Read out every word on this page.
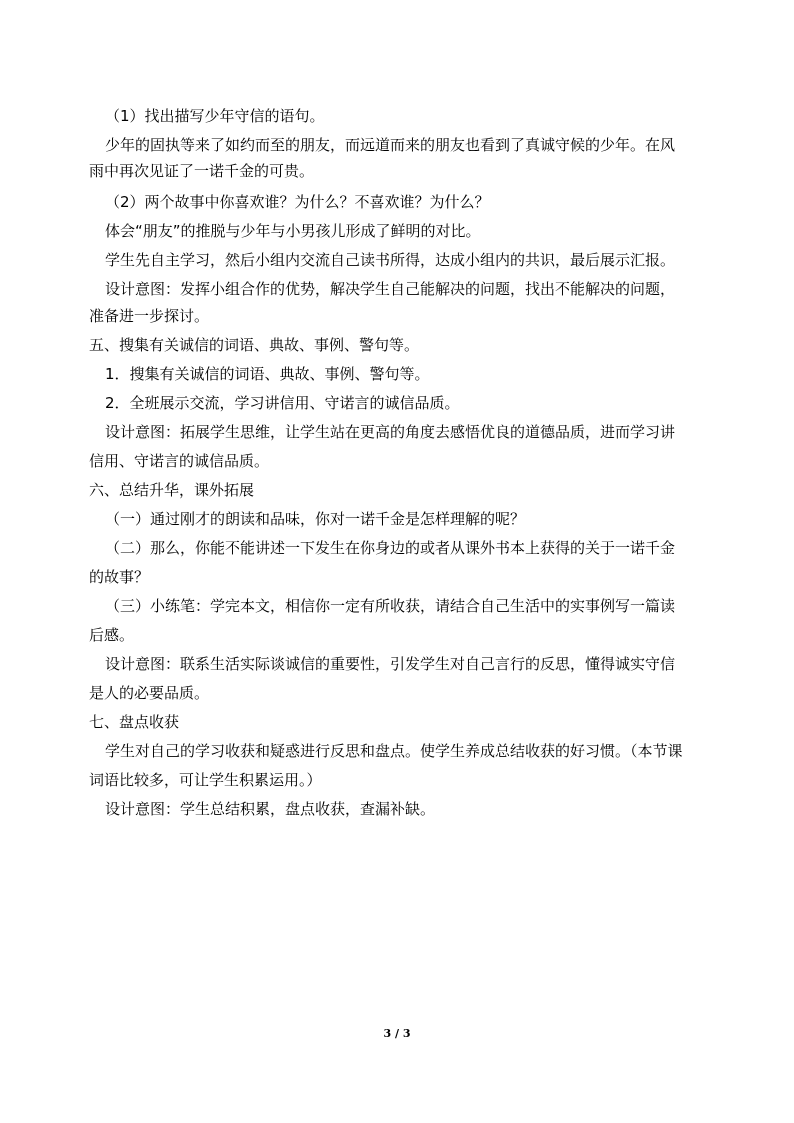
（1）找出描写少年守信的语句。
少年的固执等来了如约而至的朋友，而远道而来的朋友也看到了真诚守候的少年。在风
雨中再次见证了一诺千金的可贵。
（2）两个故事中你喜欢谁？为什么？不喜欢谁？为什么？
体会“朋友”的推脱与少年与小男孩儿形成了鲜明的对比。
学生先自主学习，然后小组内交流自己读书所得，达成小组内的共识，最后展示汇报。
设计意图：发挥小组合作的优势，解决学生自己能解决的问题，找出不能解决的问题，
准备进一步探讨。
五、搜集有关诚信的词语、典故、事例、警句等。
1．搜集有关诚信的词语、典故、事例、警句等。
2．全班展示交流，学习讲信用、守诺言的诚信品质。
设计意图：拓展学生思维，让学生站在更高的角度去感悟优良的道德品质，进而学习讲
信用、守诺言的诚信品质。
六、总结升华，课外拓展
（一）通过刚才的朗读和品味，你对一诺千金是怎样理解的呢？
（二）那么，你能不能讲述一下发生在你身边的或者从课外书本上获得的关于一诺千金
的故事？
（三）小练笔：学完本文，相信你一定有所收获，请结合自己生活中的实事例写一篇读
后感。
设计意图：联系生活实际谈诚信的重要性，引发学生对自己言行的反思，懂得诚实守信
是人的必要品质。
七、盘点收获
学生对自己的学习收获和疑惑进行反思和盘点。使学生养成总结收获的好习惯。（本节课
词语比较多，可让学生积累运用。）
设计意图：学生总结积累，盘点收获，查漏补缺。
3 / 3
